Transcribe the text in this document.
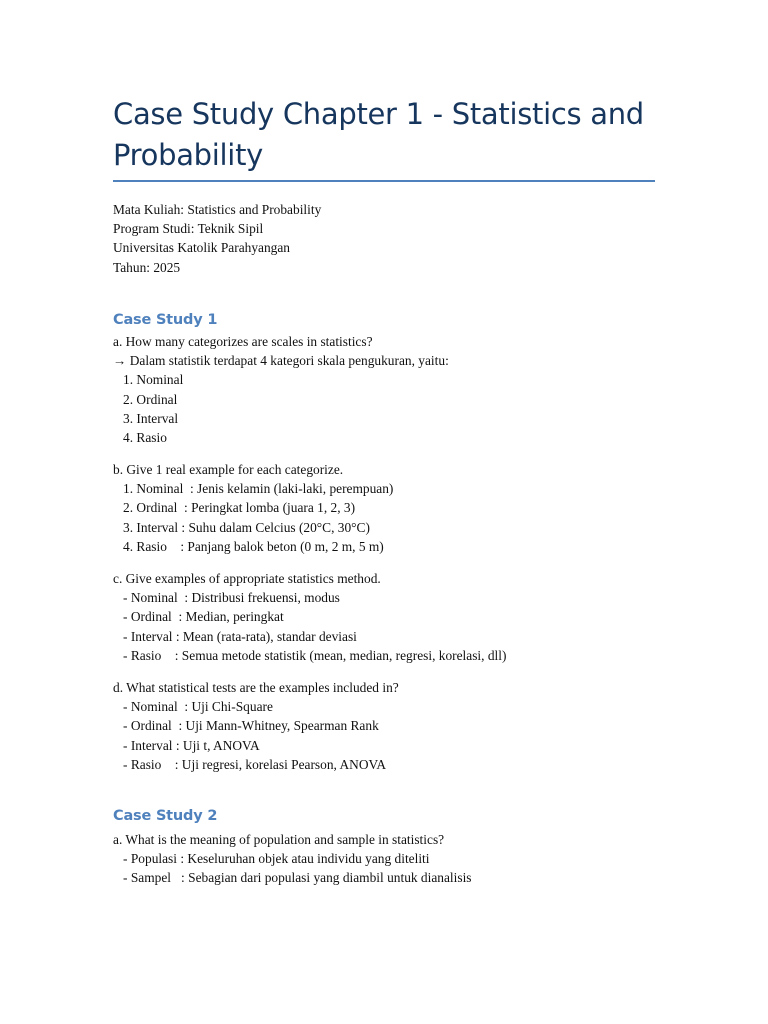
Case Study Chapter 1 - Statistics and Probability
Mata Kuliah: Statistics and Probability
Program Studi: Teknik Sipil
Universitas Katolik Parahyangan
Tahun: 2025
Case Study 1
a. How many categorizes are scales in statistics?
→ Dalam statistik terdapat 4 kategori skala pengukuran, yaitu:
1. Nominal
2. Ordinal
3. Interval
4. Rasio
b. Give 1 real example for each categorize.
1. Nominal  : Jenis kelamin (laki-laki, perempuan)
2. Ordinal  : Peringkat lomba (juara 1, 2, 3)
3. Interval : Suhu dalam Celcius (20°C, 30°C)
4. Rasio    : Panjang balok beton (0 m, 2 m, 5 m)
c. Give examples of appropriate statistics method.
- Nominal  : Distribusi frekuensi, modus
- Ordinal  : Median, peringkat
- Interval : Mean (rata-rata), standar deviasi
- Rasio    : Semua metode statistik (mean, median, regresi, korelasi, dll)
d. What statistical tests are the examples included in?
- Nominal  : Uji Chi-Square
- Ordinal  : Uji Mann-Whitney, Spearman Rank
- Interval : Uji t, ANOVA
- Rasio    : Uji regresi, korelasi Pearson, ANOVA
Case Study 2
a. What is the meaning of population and sample in statistics?
- Populasi : Keseluruhan objek atau individu yang diteliti
- Sampel   : Sebagian dari populasi yang diambil untuk dianalisis
